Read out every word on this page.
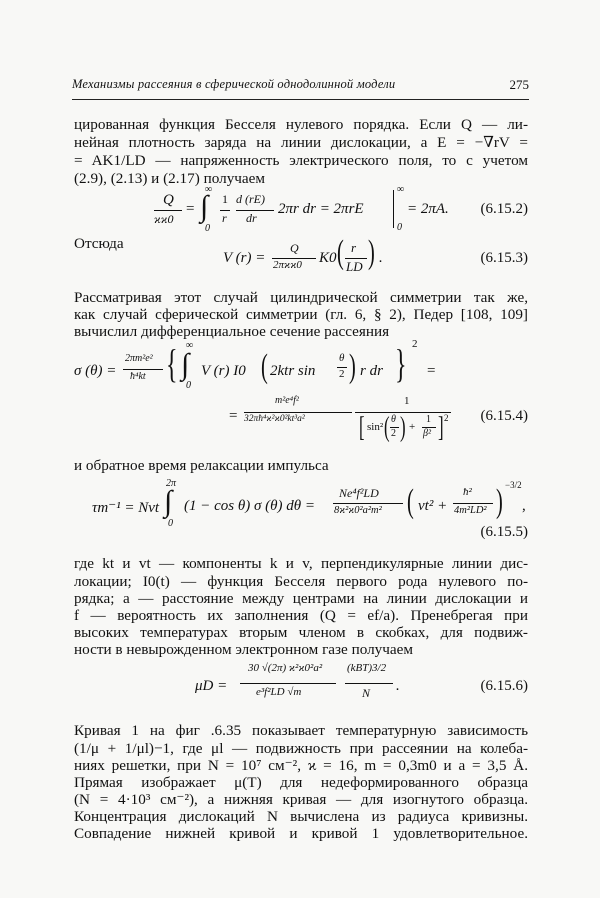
Механизмы рассеяния в сферической однодолинной модели	275
цированная функция Бесселя нулевого порядка. Если Q — ли-
нейная плотность заряда на линии дислокации, а E = −∇rV =
= AK1/LD — напряженность электрического поля, то с учетом
(2.9), (2.13) и (2.17) получаем
Q
ϰϰ0
=
∞
∫
0
1
r
d (rE)
dr
2πr dr = 2πrE
∞
0
= 2πA. (6.15.2)
Отсюда
V (r) =
Q
2πϰϰ0 K0 ( r
LD ) .	(6.15.3)
Рассматривая этот случай цилиндрической симметрии так же,
как случай сферической симметрии (гл. 6, § 2), Педер [108, 109]
вычислил дифференциальное сечение рассеяния
σ (θ) =
2πm²e²
ħ⁴kt { ∞
∫
0
V (r) I0 ( 2ktr sin
θ
2 ) r dr } 2
=
=
m²e⁴f²
32πħ⁴ϰ²ϰ0²kt³a²
1
[ sin² ( θ
2 ) +
1
β² ] 2 (6.15.4)
и обратное время релаксации импульса
τm⁻¹ = Nvt
2π
∫
0
(1 − cos θ) σ (θ) dθ =
Ne⁴f²LD
8ϰ²ϰ0²a²m² ( vt² +
ħ²
4m²LD² ) −3/2
,
(6.15.5)
где kt и vt — компоненты k и v, перпендикулярные линии дис-
локации; I0(t) — функция Бесселя первого рода нулевого по-
рядка; a — расстояние между центрами на линии дислокации и
f — вероятность их заполнения (Q = ef/a). Пренебрегая при
высоких температурах вторым членом в скобках, для подвиж-
ности в невырожденном электронном газе получаем
μD =
30 √(2π) ϰ²ϰ0²a²
e³f²LD √m
(kBT)3/2
N .	(6.15.6)
Кривая 1 на фиг .6.35 показывает температурную зависимость
(1/μ + 1/μl)−1, где μl — подвижность при рассеянии на колеба-
ниях решетки, при N = 10⁷ см⁻², ϰ = 16, m = 0,3m0 и a = 3,5 Å.
Прямая изображает μ(T) для недеформированного образца
(N = 4·10³ см⁻²), а нижняя кривая — для изогнутого образца.
Концентрация дислокаций N вычислена из радиуса кривизны.
Совпадение нижней кривой и кривой 1 удовлетворительное.
